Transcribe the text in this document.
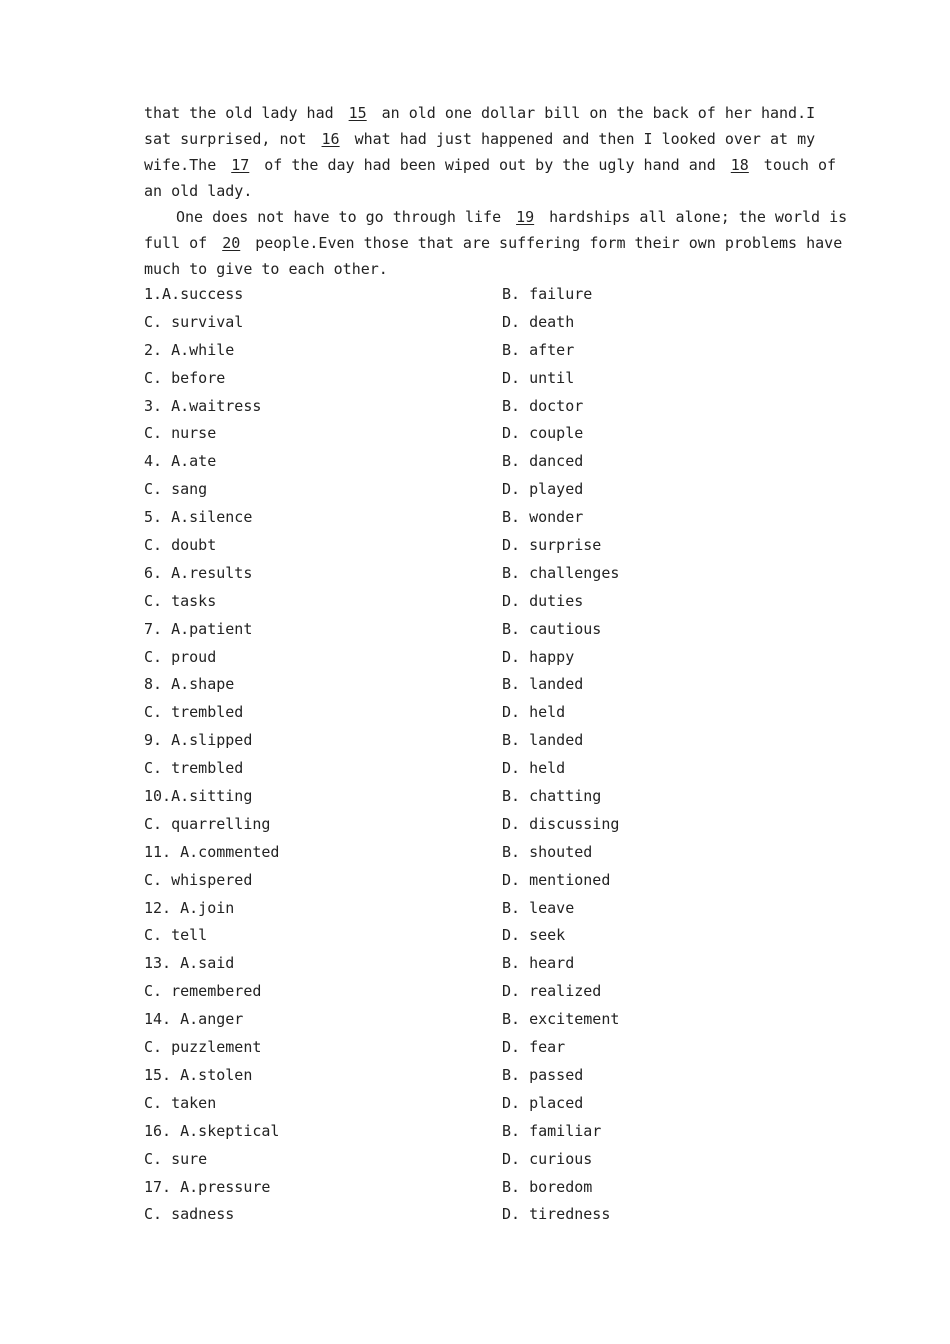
that the old lady had 15 an old one dollar bill on the back of her hand.I
sat surprised, not 16 what had just happened and then I looked over at my
wife.The 17 of the day had been wiped out by the ugly hand and 18 touch of
an old lady.
One does not have to go through life 19 hardships all alone; the world is
full of 20 people.Even those that are suffering form their own problems have
much to give to each other.
1.A.success	B. failure
C. survival	D. death
2. A.while	B. after
C. before	D. until
3. A.waitress	B. doctor
C. nurse	D. couple
4. A.ate	B. danced
C. sang	D. played
5. A.silence	B. wonder
C. doubt	D. surprise
6. A.results	B. challenges
C. tasks	D. duties
7. A.patient	B. cautious
C. proud	D. happy
8. A.shape	B. landed
C. trembled	D. held
9. A.slipped	B. landed
C. trembled	D. held
10.A.sitting	B. chatting
C. quarrelling	D. discussing
11. A.commented	B. shouted
C. whispered	D. mentioned
12. A.join	B. leave
C. tell	D. seek
13. A.said	B. heard
C. remembered	D. realized
14. A.anger	B. excitement
C. puzzlement	D. fear
15. A.stolen	B. passed
C. taken	D. placed
16. A.skeptical	B. familiar
C. sure	D. curious
17. A.pressure	B. boredom
C. sadness	D. tiredness
